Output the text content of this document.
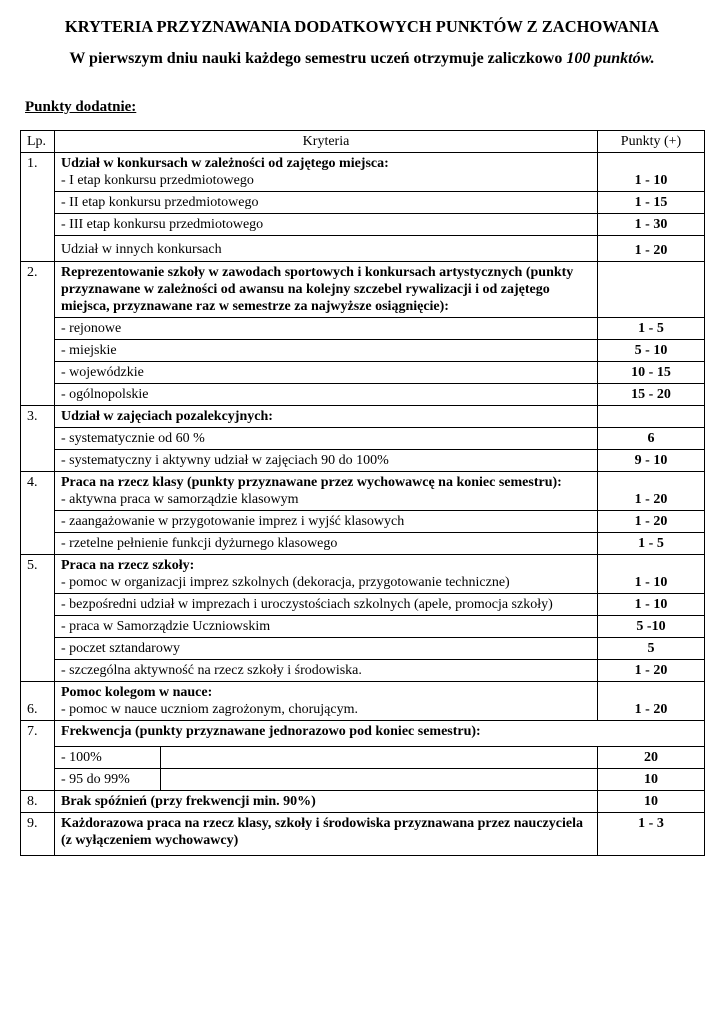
KRYTERIA PRZYZNAWANIA DODATKOWYCH PUNKTÓW Z ZACHOWANIA

W pierwszym dniu nauki każdego semestru uczeń otrzymuje zaliczkowo 100 punktów.

Punkty dodatnie:

Lp.	Kryteria		Punkty (+)
1.	Udział w konkursach w zależności od zajętego miejsca:
- I etap konkursu przedmiotowego		1 - 10
	- II etap konkursu przedmiotowego		1 - 15
	- III etap konkursu przedmiotowego		1 - 30
	Udział w innych konkursach		1 - 20
2.	Reprezentowanie szkoły w zawodach sportowych i konkursach artystycznych (punkty przyznawane w zależności od awansu na kolejny szczebel rywalizacji i od zajętego miejsca, przyznawane raz w semestrze za najwyższe osiągnięcie):		
	- rejonowe		1 - 5
	- miejskie		5 - 10
	- wojewódzkie		10 - 15
	- ogólnopolskie		15 - 20
3.	Udział w zajęciach pozalekcyjnych:		
	- systematycznie od 60 %		6
	- systematyczny i aktywny udział w zajęciach 90 do 100%		9 - 10
4.	Praca na rzecz klasy (punkty przyznawane przez wychowawcę na koniec semestru):
- aktywna praca w samorządzie klasowym		1 - 20
	- zaangażowanie w przygotowanie imprez i wyjść klasowych		1 - 20
	- rzetelne pełnienie funkcji dyżurnego klasowego		1 - 5
5.	Praca na rzecz szkoły:
- pomoc w organizacji imprez szkolnych (dekoracja, przygotowanie techniczne)		1 - 10
	- bezpośredni udział w imprezach i uroczystościach szkolnych (apele, promocja szkoły)		1 - 10
	- praca w Samorządzie Uczniowskim		5 -10
	- poczet sztandarowy		5
	- szczególna aktywność na rzecz szkoły i środowiska.		1 - 20
6.	Pomoc kolegom w nauce:
- pomoc w nauce uczniom zagrożonym, chorującym.		1 - 20
7.	Frekwencja (punkty przyznawane jednorazowo pod koniec semestru):		
	- 100%		20
	- 95 do 99%		10
8.	Brak spóźnień (przy frekwencji min. 90%)		10
9.	Każdorazowa praca na rzecz klasy, szkoły i środowiska przyznawana przez nauczyciela (z wyłączeniem wychowawcy)		1 - 3
